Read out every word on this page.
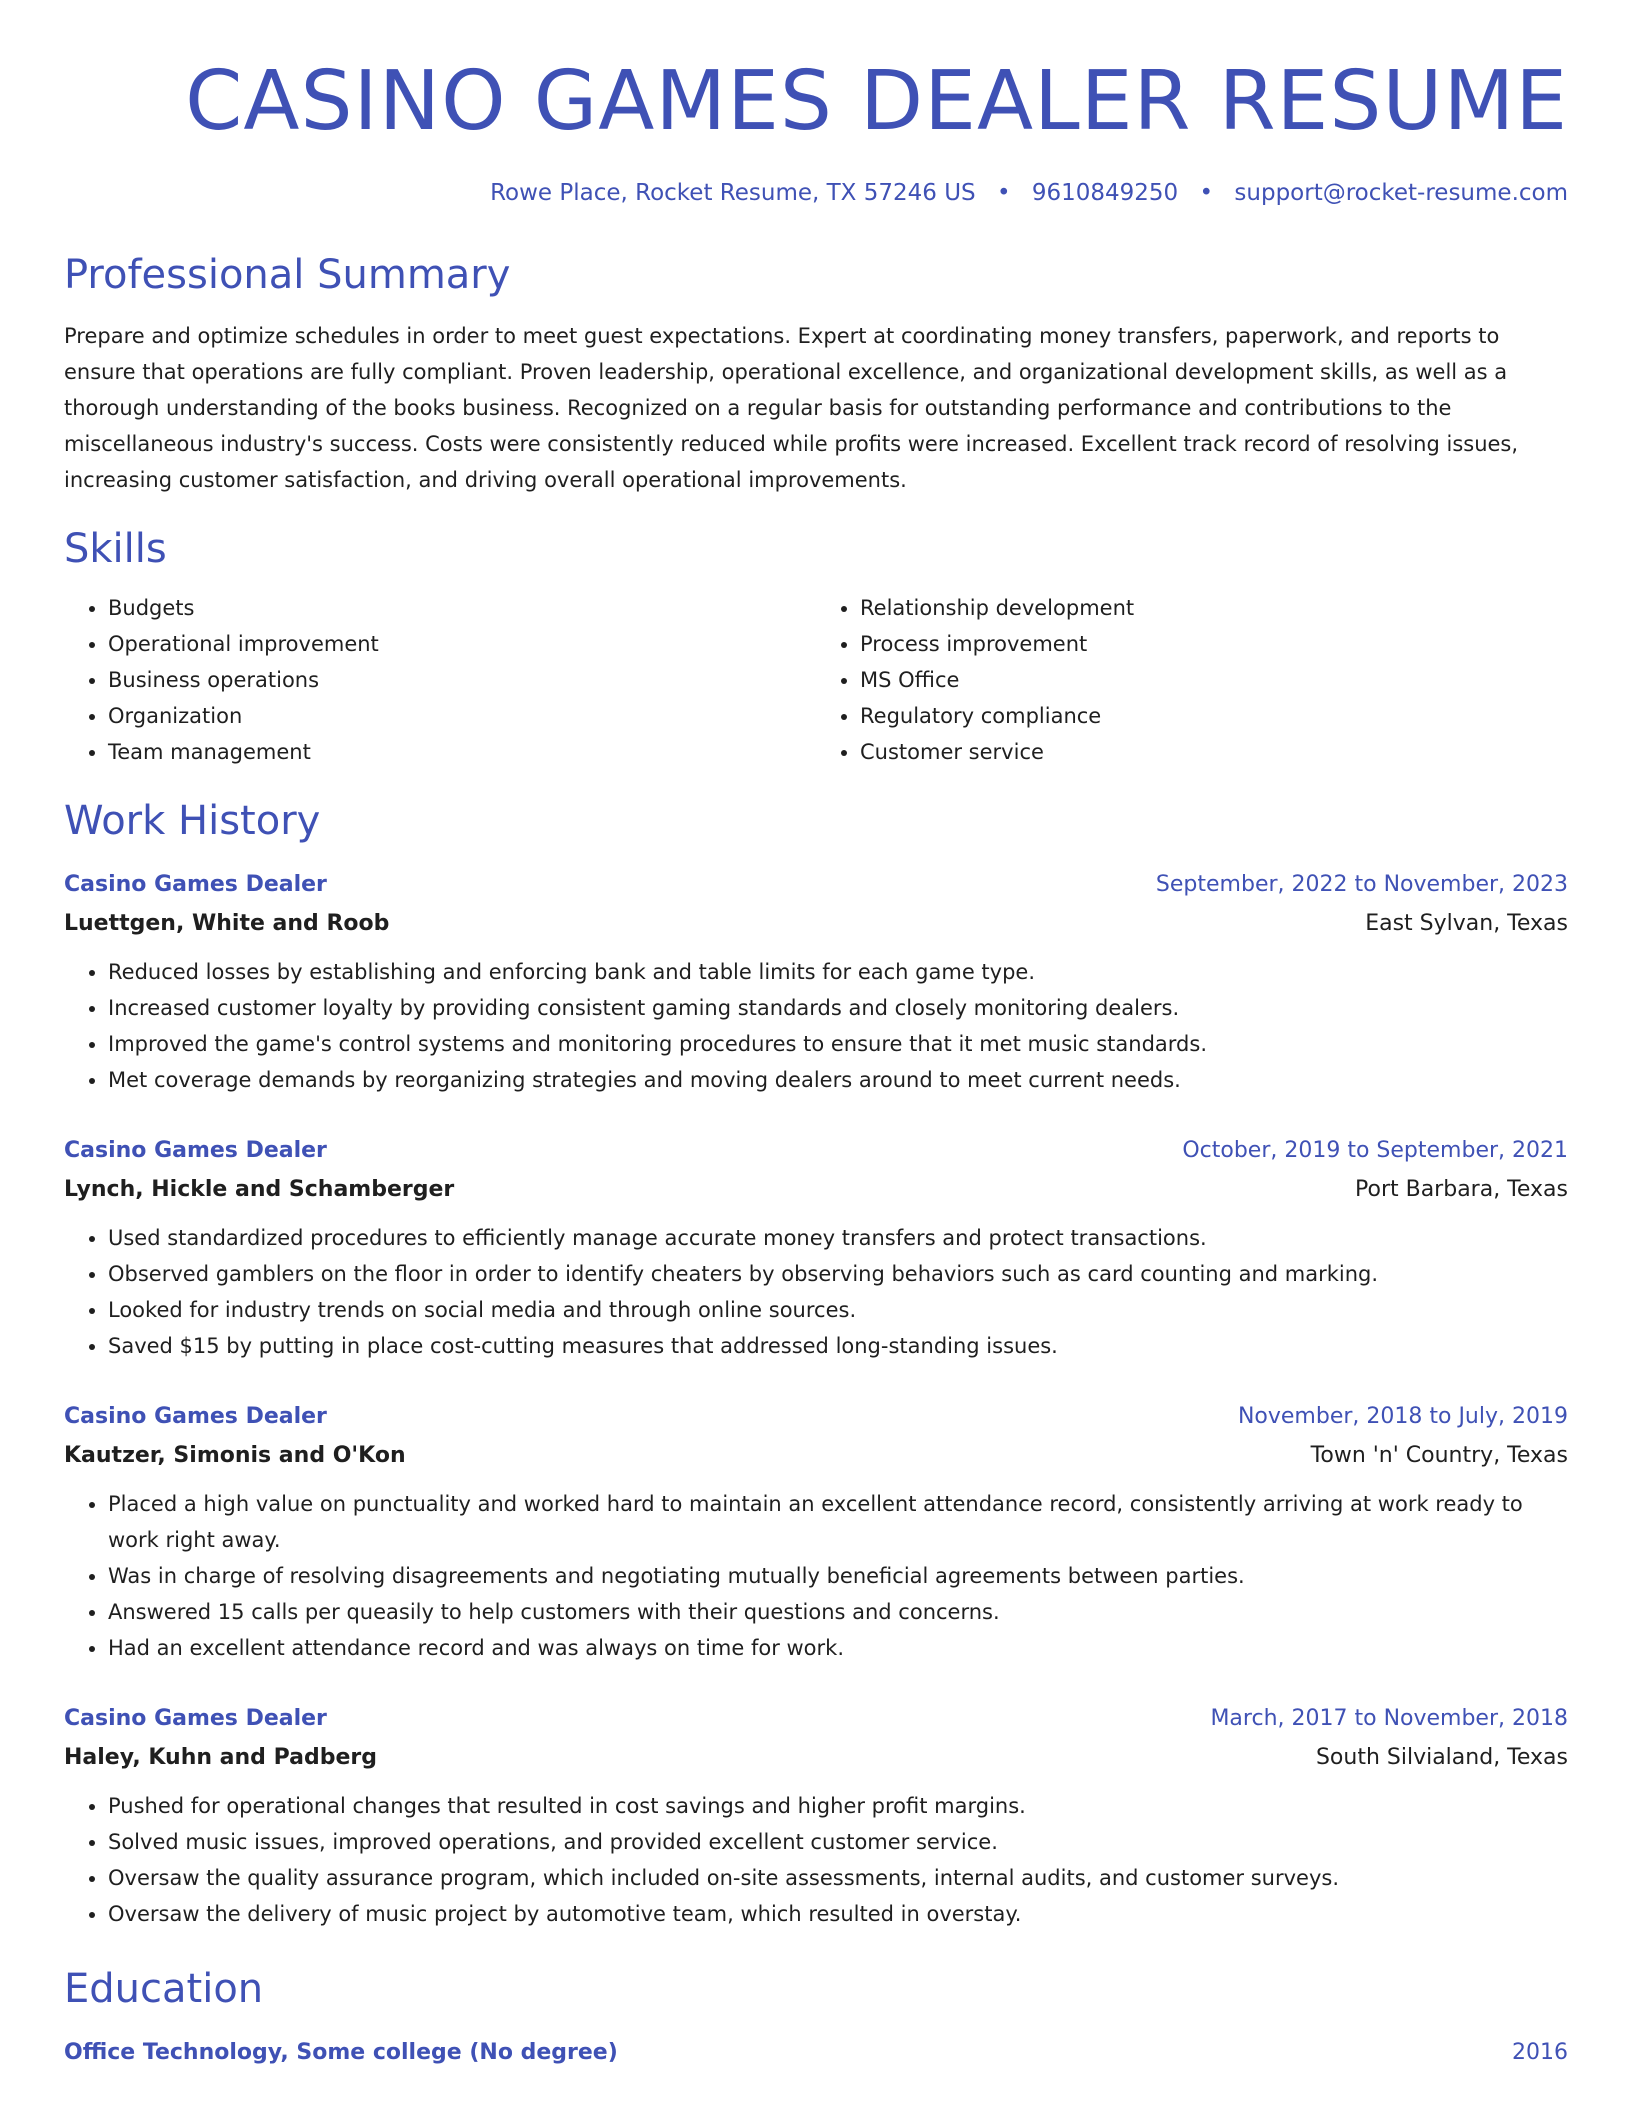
CASINO GAMES DEALER RESUME
Rowe Place, Rocket Resume, TX 57246 US • 9610849250 • support@rocket-resume.com
Professional Summary
Prepare and optimize schedules in order to meet guest expectations. Expert at coordinating money transfers, paperwork, and reports to ensure that operations are fully compliant. Proven leadership, operational excellence, and organizational development skills, as well as a thorough understanding of the books business. Recognized on a regular basis for outstanding performance and contributions to the miscellaneous industry's success. Costs were consistently reduced while profits were increased. Excellent track record of resolving issues, increasing customer satisfaction, and driving overall operational improvements.
Skills
• Budgets
• Operational improvement
• Business operations
• Organization
• Team management
• Relationship development
• Process improvement
• MS Office
• Regulatory compliance
• Customer service
Work History
Casino Games Dealer	September, 2022 to November, 2023
Luettgen, White and Roob	East Sylvan, Texas
• Reduced losses by establishing and enforcing bank and table limits for each game type.
• Increased customer loyalty by providing consistent gaming standards and closely monitoring dealers.
• Improved the game's control systems and monitoring procedures to ensure that it met music standards.
• Met coverage demands by reorganizing strategies and moving dealers around to meet current needs.
Casino Games Dealer	October, 2019 to September, 2021
Lynch, Hickle and Schamberger	Port Barbara, Texas
• Used standardized procedures to efficiently manage accurate money transfers and protect transactions.
• Observed gamblers on the floor in order to identify cheaters by observing behaviors such as card counting and marking.
• Looked for industry trends on social media and through online sources.
• Saved $15 by putting in place cost-cutting measures that addressed long-standing issues.
Casino Games Dealer	November, 2018 to July, 2019
Kautzer, Simonis and O'Kon	Town 'n' Country, Texas
• Placed a high value on punctuality and worked hard to maintain an excellent attendance record, consistently arriving at work ready to work right away.
• Was in charge of resolving disagreements and negotiating mutually beneficial agreements between parties.
• Answered 15 calls per queasily to help customers with their questions and concerns.
• Had an excellent attendance record and was always on time for work.
Casino Games Dealer	March, 2017 to November, 2018
Haley, Kuhn and Padberg	South Silvialand, Texas
• Pushed for operational changes that resulted in cost savings and higher profit margins.
• Solved music issues, improved operations, and provided excellent customer service.
• Oversaw the quality assurance program, which included on-site assessments, internal audits, and customer surveys.
• Oversaw the delivery of music project by automotive team, which resulted in overstay.
Education
Office Technology, Some college (No degree)	2016
